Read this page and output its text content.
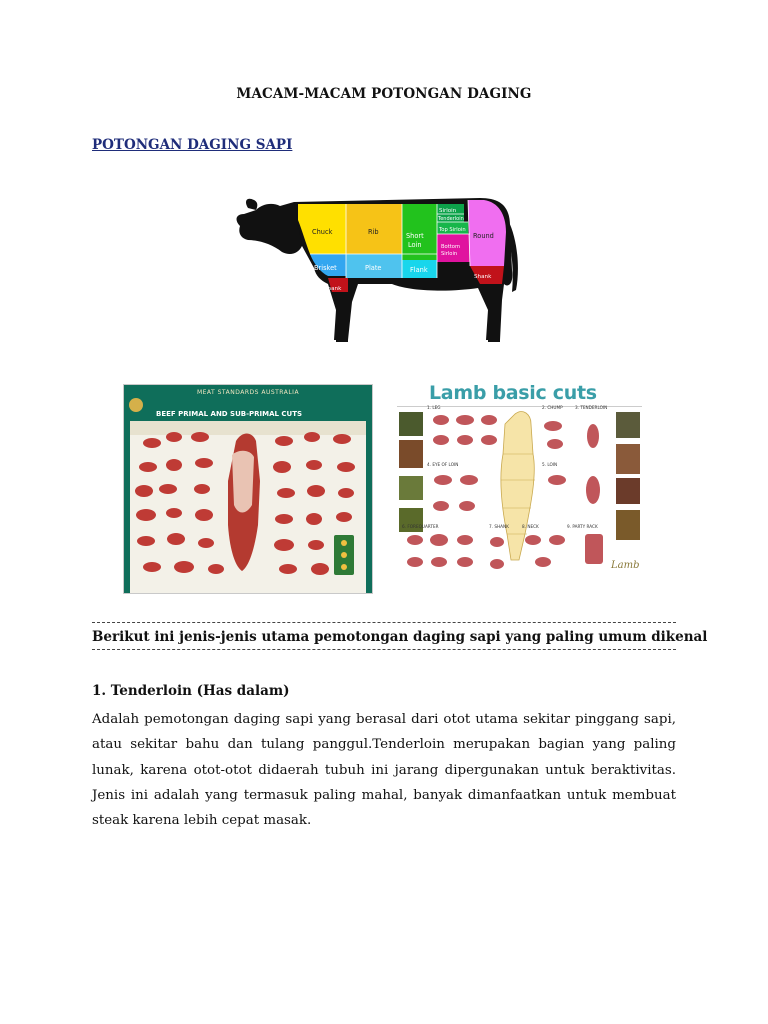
MACAM-MACAM POTONGAN DAGING
POTONGAN DAGING SAPI
Chuck	Rib
Sirloin
Tenderloin
Top Sirloin
Short
Loin	Bottom
Sirloin
Round
Brisket	Plate	Flank
Shank
Shank
MEAT STANDARDS AUSTRALIA
BEEF PRIMAL AND SUB-PRIMAL CUTS
Lamb basic cuts
1. LEG	2. CHUMP	3. TENDERLOIN
4. EYE OF LOIN	5. LOIN
6. FOREQUARTER	7. SHANK	8. NECK	9. PARTY RACK
Lamb
Berikut ini jenis-jenis utama pemotongan daging sapi yang paling umum dikenal
1. Tenderloin (Has dalam)
Adalah pemotongan daging sapi yang berasal dari otot utama sekitar pinggang sapi, atau sekitar bahu dan tulang panggul.Tenderloin merupakan bagian yang paling lunak, karena otot-otot didaerah tubuh ini jarang dipergunakan untuk beraktivitas. Jenis ini adalah yang termasuk paling mahal, banyak dimanfaatkan untuk membuat steak karena lebih cepat masak.
